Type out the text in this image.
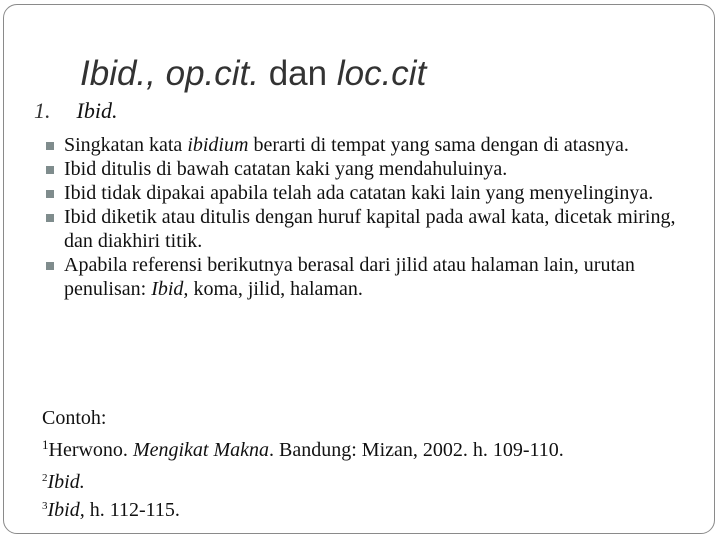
Ibid., op.cit. dan loc.cit
1. Ibid.
Singkatan kata ibidium berarti di tempat yang sama dengan di atasnya.
Ibid ditulis di bawah catatan kaki yang mendahuluinya.
Ibid tidak dipakai apabila telah ada catatan kaki lain yang menyelinginya.
Ibid diketik atau ditulis dengan huruf kapital pada awal kata, dicetak miring, dan diakhiri titik.
Apabila referensi berikutnya berasal dari jilid atau halaman lain, urutan penulisan: Ibid, koma, jilid, halaman.
Contoh:
$^1$Herwono. Mengikat Makna. Bandung: Mizan, 2002. h. 109-110.
$^2$Ibid.
$^3$Ibid, h. 112-115.
